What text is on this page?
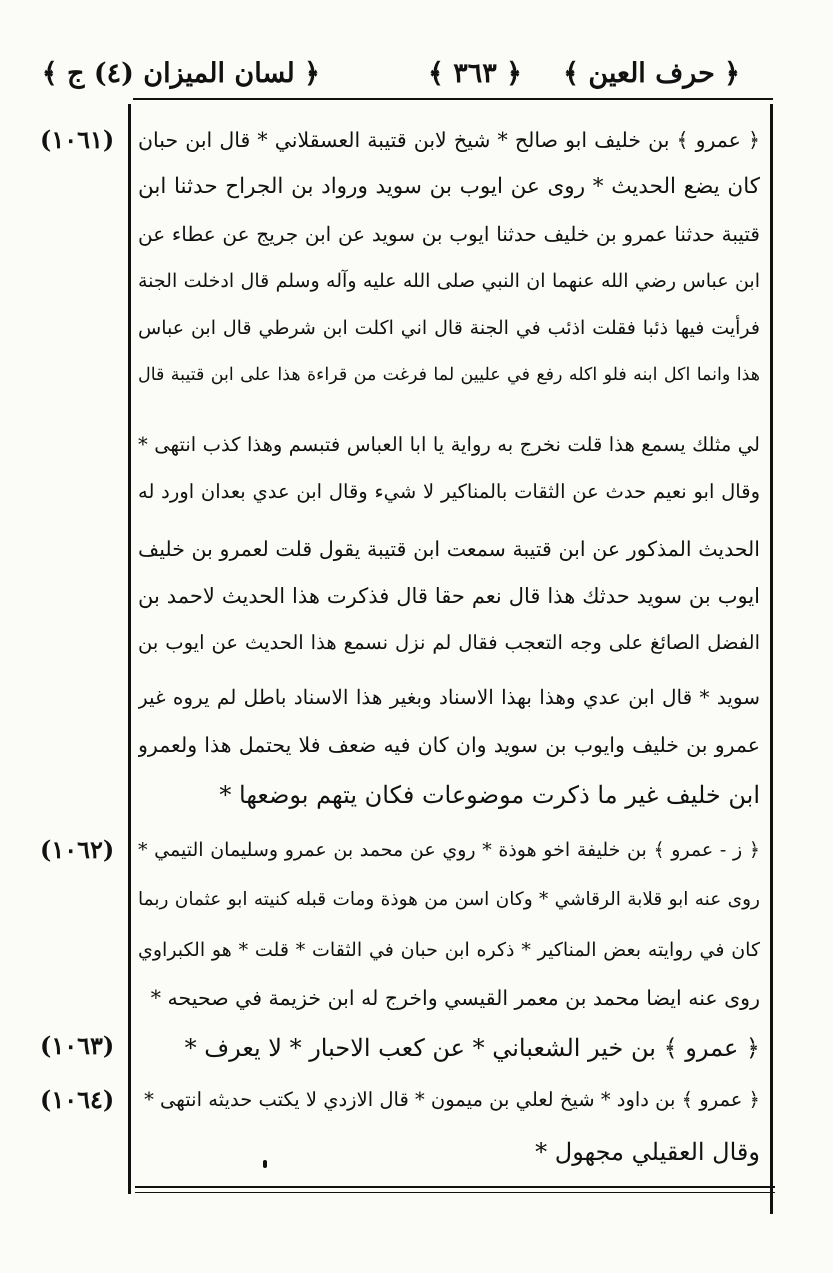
﴿ حرف العين ﴾
﴿ ٣٦٣ ﴾
﴿ لسان الميزان (٤) ج ﴾
(١٠٦١)
(١٠٦٢)
(١٠٦٣)
(١٠٦٤)
﴿ عمرو ﴾ بن خليف ابو صالح * شيخ لابن قتيبة العسقلاني * قال ابن حبان
كان يضع الحديث * روى عن ايوب بن سويد ورواد بن الجراح حدثنا ابن
قتيبة حدثنا عمرو بن خليف حدثنا ايوب بن سويد عن ابن جريج عن عطاء عن
ابن عباس رضي الله عنهما ان النبي صلى الله عليه وآله وسلم قال ادخلت الجنة
فرأيت فيها ذئبا فقلت اذئب في الجنة قال اني اكلت ابن شرطي قال ابن عباس
هذا وانما اكل ابنه فلو اكله رفع في عليين لما فرغت من قراءة هذا على ابن قتيبة قال
لي مثلك يسمع هذا قلت نخرج به رواية يا ابا العباس فتبسم وهذا كذب انتهى *
وقال ابو نعيم حدث عن الثقات بالمناكير لا شيء وقال ابن عدي بعدان اورد له
الحديث المذكور عن ابن قتيبة سمعت ابن قتيبة يقول قلت لعمرو بن خليف
ايوب بن سويد حدثك هذا قال نعم حقا قال فذكرت هذا الحديث لاحمد بن
الفضل الصائغ على وجه التعجب فقال لم نزل نسمع هذا الحديث عن ايوب بن
سويد * قال ابن عدي وهذا بهذا الاسناد وبغير هذا الاسناد باطل لم يروه غير
عمرو بن خليف وايوب بن سويد وان كان فيه ضعف فلا يحتمل هذا ولعمرو
ابن خليف غير ما ذكرت موضوعات فكان يتهم بوضعها *
﴿ ز - عمرو ﴾ بن خليفة اخو هوذة * روي عن محمد بن عمرو وسليمان التيمي *
روى عنه ابو قلابة الرقاشي * وكان اسن من هوذة ومات قبله كنيته ابو عثمان ربما
كان في روايته بعض المناكير * ذكره ابن حبان في الثقات * قلت * هو الكبراوي
روى عنه ايضا محمد بن معمر القيسي واخرج له ابن خزيمة في صحيحه *
﴿ عمرو ﴾ بن خير الشعباني * عن كعب الاحبار * لا يعرف *
﴿ عمرو ﴾ بن داود * شيخ لعلي بن ميمون * قال الازدي لا يكتب حديثه انتهى *
وقال العقيلي مجهول *
